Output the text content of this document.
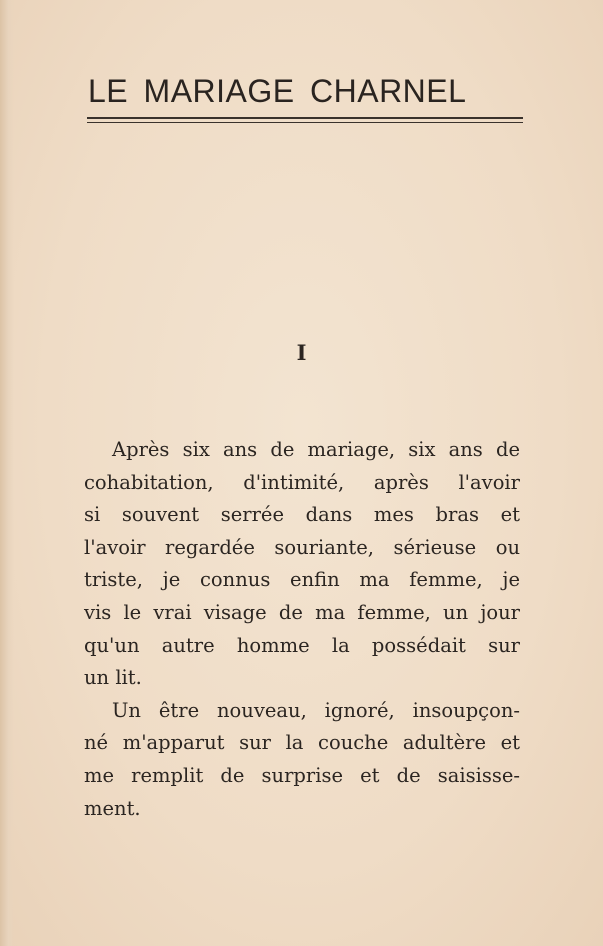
LE MARIAGE CHARNEL
I
Après six ans de mariage, six ans de
cohabitation, d'intimité, après l'avoir
si souvent serrée dans mes bras et
l'avoir regardée souriante, sérieuse ou
triste, je connus enfin ma femme, je
vis le vrai visage de ma femme, un jour
qu'un autre homme la possédait sur
un lit.
Un être nouveau, ignoré, insoupçon-
né m'apparut sur la couche adultère et
me remplit de surprise et de saisisse-
ment.
